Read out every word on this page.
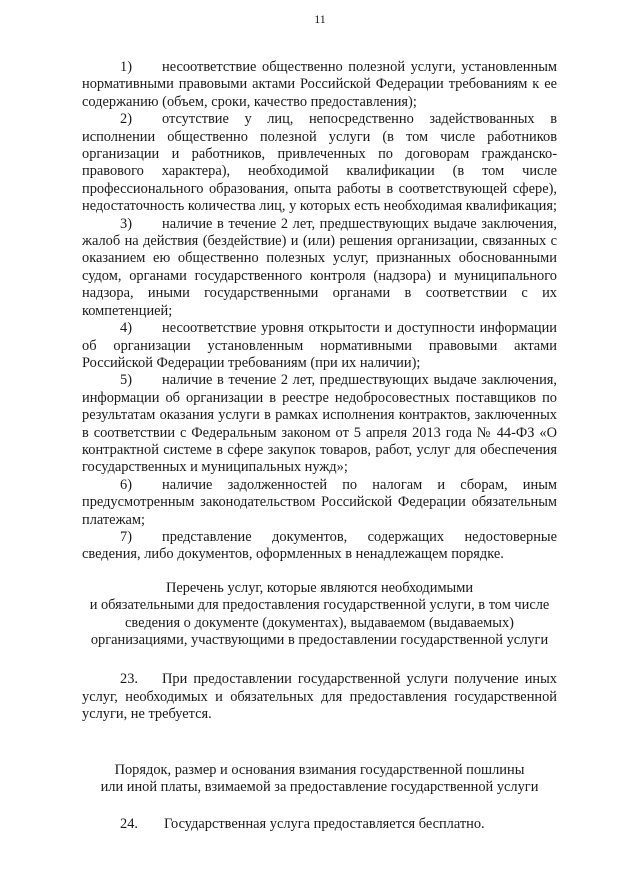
11

1) несоответствие общественно полезной услуги, установленным нормативными правовыми актами Российской Федерации требованиям к ее содержанию (объем, сроки, качество предоставления);

2) отсутствие у лиц, непосредственно задействованных в исполнении общественно полезной услуги (в том числе работников организации и работников, привлеченных по договорам гражданско-правового характера), необходимой квалификации (в том числе профессионального образования, опыта работы в соответствующей сфере), недостаточность количества лиц, у которых есть необходимая квалификация;

3) наличие в течение 2 лет, предшествующих выдаче заключения, жалоб на действия (бездействие) и (или) решения организации, связанных с оказанием ею общественно полезных услуг, признанных обоснованными судом, органами государственного контроля (надзора) и муниципального надзора, иными государственными органами в соответствии с их компетенцией;

4) несоответствие уровня открытости и доступности информации об организации установленным нормативными правовыми актами Российской Федерации требованиям (при их наличии);

5) наличие в течение 2 лет, предшествующих выдаче заключения, информации об организации в реестре недобросовестных поставщиков по результатам оказания услуги в рамках исполнения контрактов, заключенных в соответствии с Федеральным законом от 5 апреля 2013 года № 44-ФЗ «О контрактной системе в сфере закупок товаров, работ, услуг для обеспечения государственных и муниципальных нужд»;

6) наличие задолженностей по налогам и сборам, иным предусмотренным законодательством Российской Федерации обязательным платежам;

7) представление документов, содержащих недостоверные сведения, либо документов, оформленных в ненадлежащем порядке.

Перечень услуг, которые являются необходимыми
и обязательными для предоставления государственной услуги, в том числе
сведения о документе (документах), выдаваемом (выдаваемых)
организациями, участвующими в предоставлении государственной услуги

23. При предоставлении государственной услуги получение иных услуг, необходимых и обязательных для предоставления государственной услуги, не требуется.

Порядок, размер и основания взимания государственной пошлины
или иной платы, взимаемой за предоставление государственной услуги

24. Государственная услуга предоставляется бесплатно.
